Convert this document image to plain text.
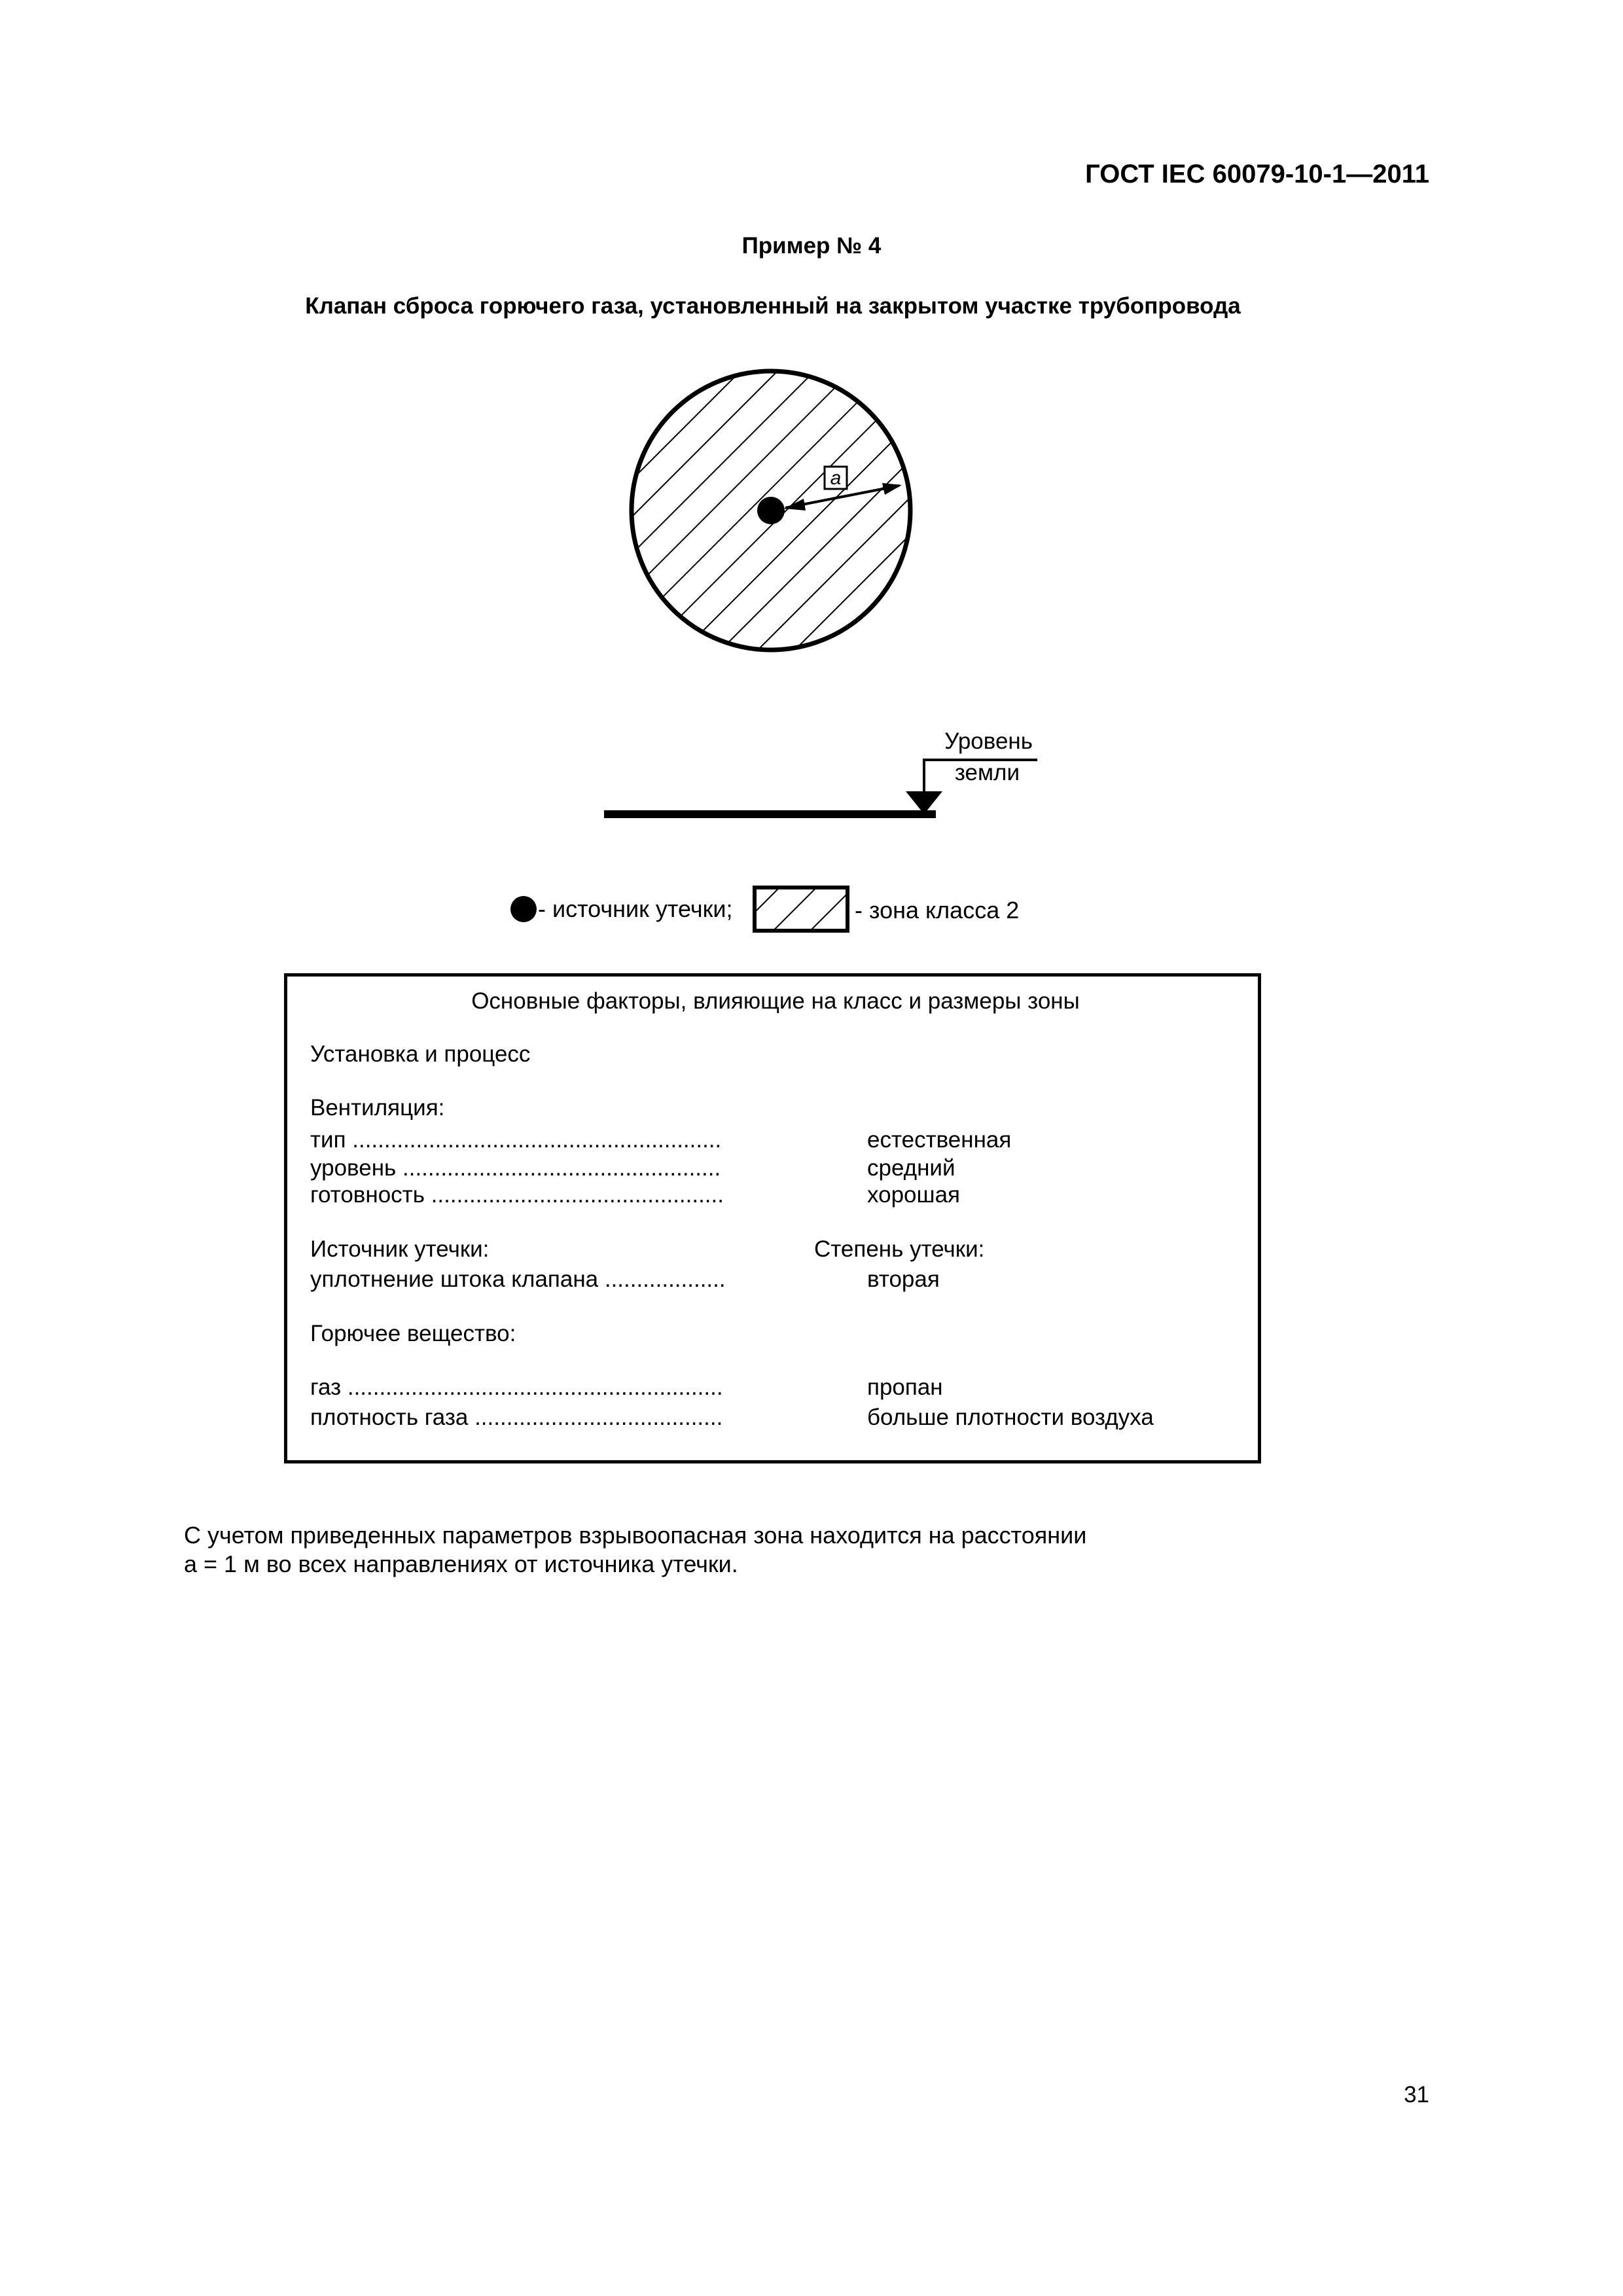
ГОСТ IEC 60079-10-1—2011
Пример № 4
Клапан сброса горючего газа, установленный на закрытом участке трубопровода
a
Уровень
земли
- источник утечки;	- зона класса 2
Основные факторы, влияющие на класс и размеры зоны
Установка и процесс
Вентиляция:
тип ..........................................................	естественная
уровень ..................................................	средний
готовность ..............................................	хорошая
Источник утечки:	Степень утечки:
уплотнение штока клапана ...................	вторая
Горючее вещество:
газ ...........................................................	пропан
плотность газа .......................................	больше плотности воздуха
С учетом приведенных параметров взрывоопасная зона находится на расстоянии
a = 1 м во всех направлениях от источника утечки.
31
